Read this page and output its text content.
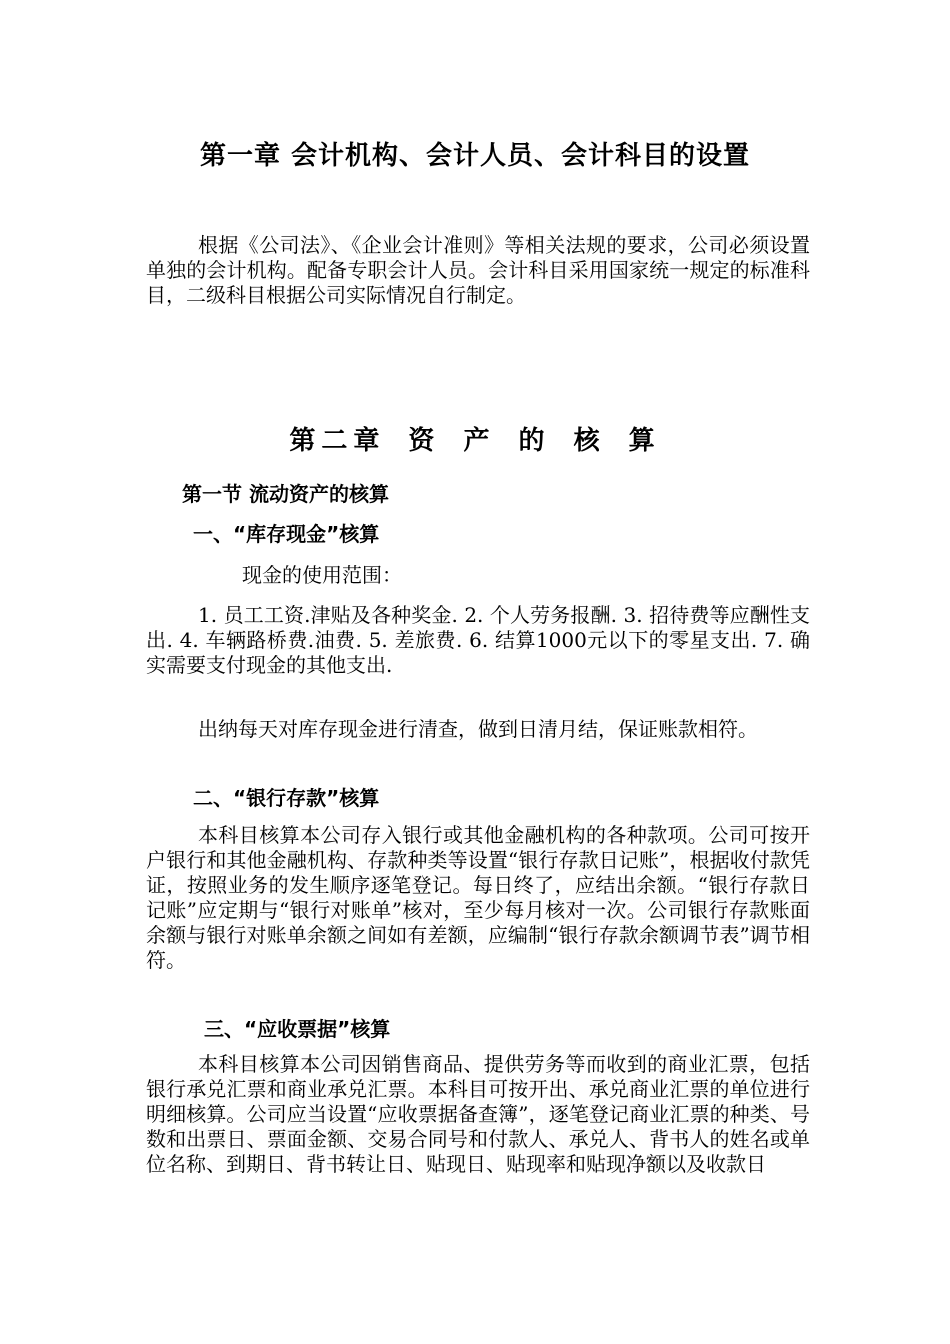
第一章 会计机构、会计人员、会计科目的设置

根据《公司法》、《企业会计准则》等相关法规的要求，公司必须设置单独的会计机构。配备专职会计人员。会计科目采用国家统一规定的标准科目，二级科目根据公司实际情况自行制定。

第二章 资 产 的 核 算
第一节 流动资产的核算
一、“库存现金”核算

现金的使用范围：

1. 员工工资.津贴及各种奖金. 2. 个人劳务报酬. 3. 招待费等应酬性支出. 4. 车辆路桥费.油费. 5. 差旅费. 6. 结算1000元以下的零星支出. 7. 确实需要支付现金的其他支出.

出纳每天对库存现金进行清查，做到日清月结，保证账款相符。

二、“银行存款”核算

本科目核算本公司存入银行或其他金融机构的各种款项。公司可按开户银行和其他金融机构、存款种类等设置“银行存款日记账”，根据收付款凭证，按照业务的发生顺序逐笔登记。每日终了，应结出余额。“银行存款日记账”应定期与“银行对账单”核对，至少每月核对一次。公司银行存款账面余额与银行对账单余额之间如有差额，应编制“银行存款余额调节表”调节相符。

三、“应收票据”核算

本科目核算本公司因销售商品、提供劳务等而收到的商业汇票，包括银行承兑汇票和商业承兑汇票。本科目可按开出、承兑商业汇票的单位进行明细核算。公司应当设置“应收票据备查簿”，逐笔登记商业汇票的种类、号数和出票日、票面金额、交易合同号和付款人、承兑人、背书人的姓名或单位名称、到期日、背书转让日、贴现日、贴现率和贴现净额以及收款日
